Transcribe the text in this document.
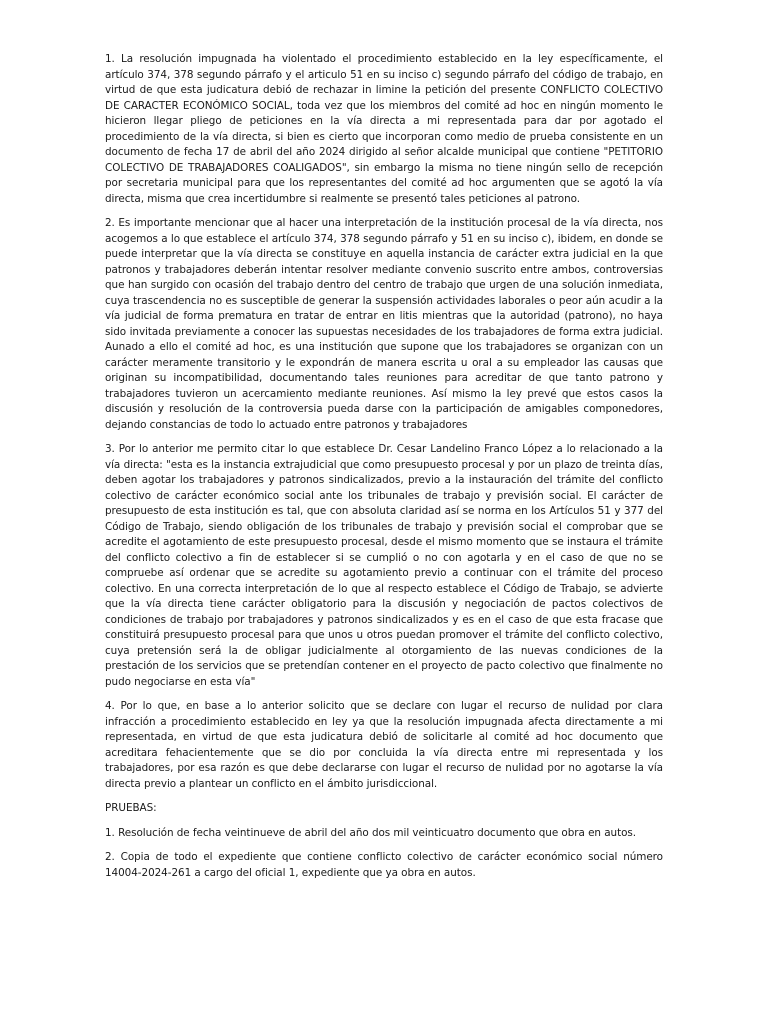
1. La resolución impugnada ha violentado el procedimiento establecido en la ley específicamente, el artículo 374, 378 segundo párrafo y el articulo 51 en su inciso c) segundo párrafo del código de trabajo, en virtud de que esta judicatura debió de rechazar in limine la petición del presente CONFLICTO COLECTIVO DE CARACTER ECONÓMICO SOCIAL, toda vez que los miembros del comité ad hoc en ningún momento le hicieron llegar pliego de peticiones en la vía directa a mi representada para dar por agotado el procedimiento de la vía directa, si bien es cierto que incorporan como medio de prueba consistente en un documento de fecha 17 de abril del año 2024 dirigido al señor alcalde municipal que contiene "PETITORIO COLECTIVO DE TRABAJADORES COALIGADOS", sin embargo la misma no tiene ningún sello de recepción por secretaria municipal para que los representantes del comité ad hoc argumenten que se agotó la vía directa, misma que crea incertidumbre si realmente se presentó tales peticiones al patrono.

2. Es importante mencionar que al hacer una interpretación de la institución procesal de la vía directa, nos acogemos a lo que establece el artículo 374, 378 segundo párrafo y 51 en su inciso c), ibidem, en donde se puede interpretar que la vía directa se constituye en aquella instancia de carácter extra judicial en la que patronos y trabajadores deberán intentar resolver mediante convenio suscrito entre ambos, controversias que han surgido con ocasión del trabajo dentro del centro de trabajo que urgen de una solución inmediata, cuya trascendencia no es susceptible de generar la suspensión actividades laborales o peor aún acudir a la vía judicial de forma prematura en tratar de entrar en litis mientras que la autoridad (patrono), no haya sido invitada previamente a conocer las supuestas necesidades de los trabajadores de forma extra judicial. Aunado a ello el comité ad hoc, es una institución que supone que los trabajadores se organizan con un carácter meramente transitorio y le expondrán de manera escrita u oral a su empleador las causas que originan su incompatibilidad, documentando tales reuniones para acreditar de que tanto patrono y trabajadores tuvieron un acercamiento mediante reuniones. Así mismo la ley prevé que estos casos la discusión y resolución de la controversia pueda darse con la participación de amigables componedores, dejando constancias de todo lo actuado entre patronos y trabajadores

3. Por lo anterior me permito citar lo que establece Dr. Cesar Landelino Franco López a lo relacionado a la vía directa: "esta es la instancia extrajudicial que como presupuesto procesal y por un plazo de treinta días, deben agotar los trabajadores y patronos sindicalizados, previo a la instauración del trámite del conflicto colectivo de carácter económico social ante los tribunales de trabajo y previsión social. El carácter de presupuesto de esta institución es tal, que con absoluta claridad así se norma en los Artículos 51 y 377 del Código de Trabajo, siendo obligación de los tribunales de trabajo y previsión social el comprobar que se acredite el agotamiento de este presupuesto procesal, desde el mismo momento que se instaura el trámite del conflicto colectivo a fin de establecer si se cumplió o no con agotarla y en el caso de que no se compruebe así ordenar que se acredite su agotamiento previo a continuar con el trámite del proceso colectivo. En una correcta interpretación de lo que al respecto establece el Código de Trabajo, se advierte que la vía directa tiene carácter obligatorio para la discusión y negociación de pactos colectivos de condiciones de trabajo por trabajadores y patronos sindicalizados y es en el caso de que esta fracase que constituirá presupuesto procesal para que unos u otros puedan promover el trámite del conflicto colectivo, cuya pretensión será la de obligar judicialmente al otorgamiento de las nuevas condiciones de la prestación de los servicios que se pretendían contener en el proyecto de pacto colectivo que finalmente no pudo negociarse en esta vía"

4. Por lo que, en base a lo anterior solicito que se declare con lugar el recurso de nulidad por clara infracción a procedimiento establecido en ley ya que la resolución impugnada afecta directamente a mi representada, en virtud de que esta judicatura debió de solicitarle al comité ad hoc documento que acreditara fehacientemente que se dio por concluida la vía directa entre mi representada y los trabajadores, por esa razón es que debe declararse con lugar el recurso de nulidad por no agotarse la vía directa previo a plantear un conflicto en el ámbito jurisdiccional.

PRUEBAS:

1. Resolución de fecha veintinueve de abril del año dos mil veinticuatro documento que obra en autos.

2. Copia de todo el expediente que contiene conflicto colectivo de carácter económico social número 14004-2024-261 a cargo del oficial 1, expediente que ya obra en autos.
